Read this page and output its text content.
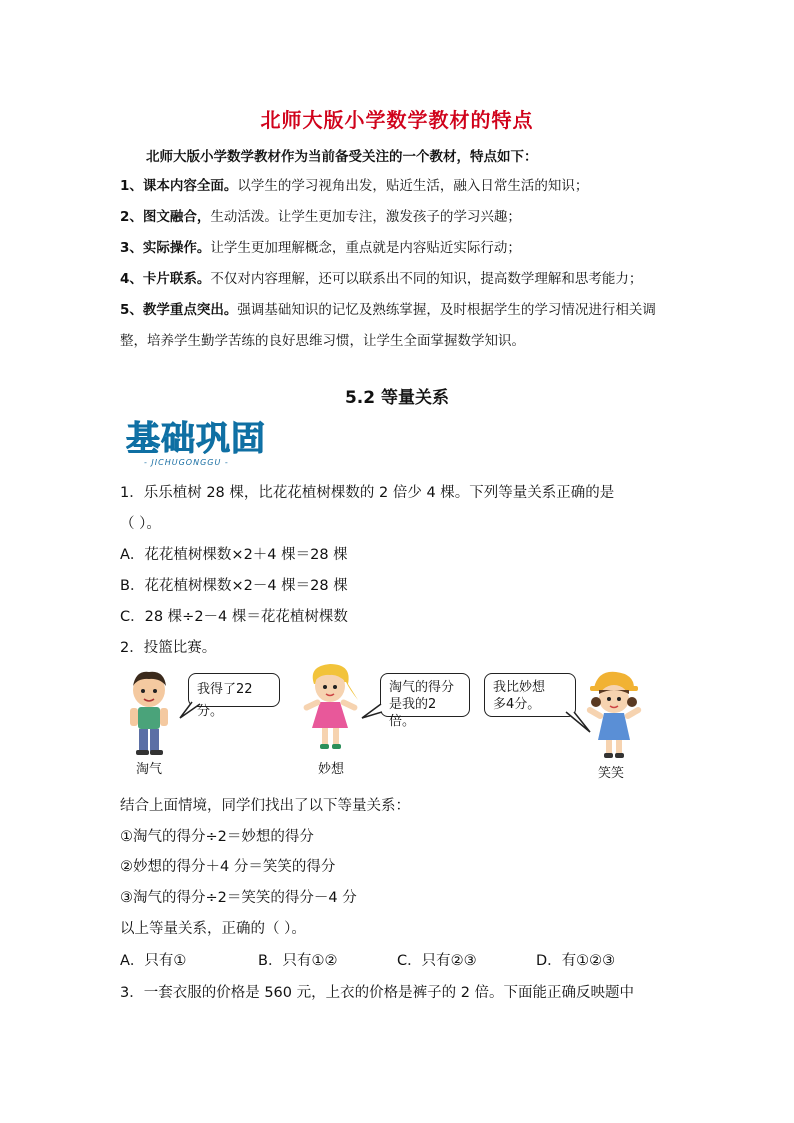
北师大版小学数学教材的特点
北师大版小学数学教材作为当前备受关注的一个教材，特点如下：
1、课本内容全面。以学生的学习视角出发，贴近生活，融入日常生活的知识；
2、图文融合，生动活泼。让学生更加专注，激发孩子的学习兴趣；
3、实际操作。让学生更加理解概念，重点就是内容贴近实际行动；
4、卡片联系。不仅对内容理解，还可以联系出不同的知识，提高数学理解和思考能力；
5、教学重点突出。强调基础知识的记忆及熟练掌握，及时根据学生的学习情况进行相关调
整，培养学生勤学苦练的良好思维习惯，让学生全面掌握数学知识。
5.2 等量关系
基础巩固
- JICHUGONGGU -
1．乐乐植树 28 棵，比花花植树棵数的 2 倍少 4 棵。下列等量关系正确的是
（ ）。
A．花花植树棵数×2＋4 棵＝28 棵
B．花花植树棵数×2－4 棵＝28 棵
C．28 棵÷2－4 棵＝花花植树棵数
2．投篮比赛。
淘气
我得了22分。
妙想
淘气的得分
是我的2倍。
我比妙想
多4分。
笑笑
结合上面情境，同学们找出了以下等量关系：
①淘气的得分÷2＝妙想的得分
②妙想的得分＋4 分＝笑笑的得分
③淘气的得分÷2＝笑笑的得分－4 分
以上等量关系，正确的（ ）。
A．只有①	B．只有①②	C．只有②③	D．有①②③
3．一套衣服的价格是 560 元，上衣的价格是裤子的 2 倍。下面能正确反映题中
